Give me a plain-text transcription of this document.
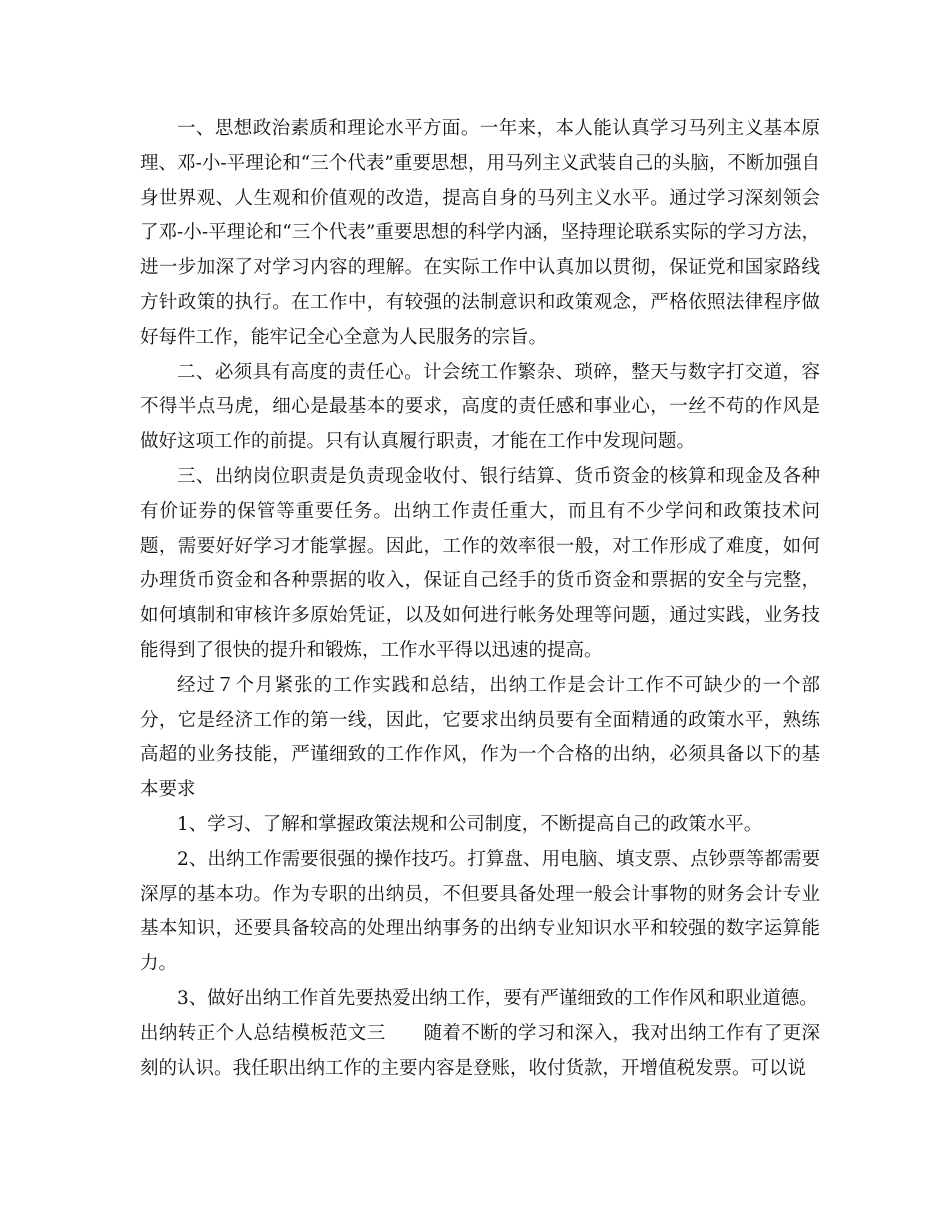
一、思想政治素质和理论水平方面。一年来，本人能认真学习马列主义基本原理、邓-小-平理论和“三个代表”重要思想，用马列主义武装自己的头脑，不断加强自身世界观、人生观和价值观的改造，提高自身的马列主义水平。通过学习深刻领会了邓-小-平理论和“三个代表”重要思想的科学内涵，坚持理论联系实际的学习方法，进一步加深了对学习内容的理解。在实际工作中认真加以贯彻，保证党和国家路线方针政策的执行。在工作中，有较强的法制意识和政策观念，严格依照法律程序做好每件工作，能牢记全心全意为人民服务的宗旨。

二、必须具有高度的责任心。计会统工作繁杂、琐碎，整天与数字打交道，容不得半点马虎，细心是最基本的要求，高度的责任感和事业心，一丝不苟的作风是做好这项工作的前提。只有认真履行职责，才能在工作中发现问题。

三、出纳岗位职责是负责现金收付、银行结算、货币资金的核算和现金及各种有价证券的保管等重要任务。出纳工作责任重大，而且有不少学问和政策技术问题，需要好好学习才能掌握。因此，工作的效率很一般，对工作形成了难度，如何办理货币资金和各种票据的收入，保证自己经手的货币资金和票据的安全与完整，如何填制和审核许多原始凭证，以及如何进行帐务处理等问题，通过实践，业务技能得到了很快的提升和锻炼，工作水平得以迅速的提高。

经过７个月紧张的工作实践和总结，出纳工作是会计工作不可缺少的一个部分，它是经济工作的第一线，因此，它要求出纳员要有全面精通的政策水平，熟练高超的业务技能，严谨细致的工作作风，作为一个合格的出纳，必须具备以下的基本要求

1、学习、了解和掌握政策法规和公司制度，不断提高自己的政策水平。

2、出纳工作需要很强的操作技巧。打算盘、用电脑、填支票、点钞票等都需要深厚的基本功。作为专职的出纳员，不但要具备处理一般会计事物的财务会计专业基本知识，还要具备较高的处理出纳事务的出纳专业知识水平和较强的数字运算能力。

3、做好出纳工作首先要热爱出纳工作，要有严谨细致的工作作风和职业道德。

出纳转正个人总结模板范文三　　随着不断的学习和深入，我对出纳工作有了更深刻的认识。我任职出纳工作的主要内容是登账，收付货款，开增值税发票。可以说
